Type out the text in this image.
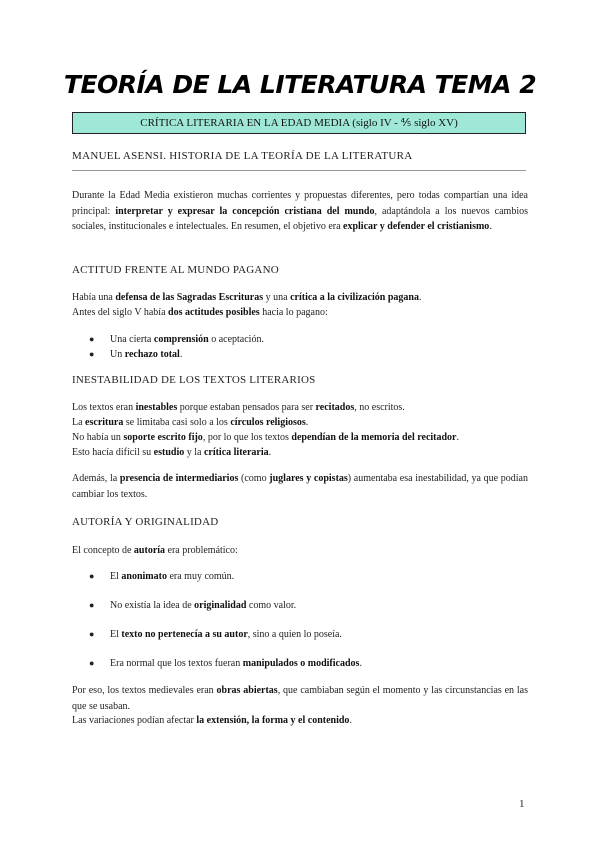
TEORÍA DE LA LITERATURA TEMA 2
CRÍTICA LITERARIA EN LA EDAD MEDIA (siglo IV - ⅘ siglo XV)
MANUEL ASENSI. HISTORIA DE LA TEORÍA DE LA LITERATURA

Durante la Edad Media existieron muchas corrientes y propuestas diferentes, pero todas compartían una idea principal: interpretar y expresar la concepción cristiana del mundo, adaptándola a los nuevos cambios sociales, institucionales e intelectuales. En resumen, el objetivo era explicar y defender el cristianismo.

ACTITUD FRENTE AL MUNDO PAGANO
Había una defensa de las Sagradas Escrituras y una crítica a la civilización pagana.
Antes del siglo V había dos actitudes posibles hacia lo pagano:
● Una cierta comprensión o aceptación.
● Un rechazo total.
INESTABILIDAD DE LOS TEXTOS LITERARIOS
Los textos eran inestables porque estaban pensados para ser recitados, no escritos.
La escritura se limitaba casi solo a los círculos religiosos.
No había un soporte escrito fijo, por lo que los textos dependían de la memoria del recitador.
Esto hacía difícil su estudio y la crítica literaria.
Además, la presencia de intermediarios (como juglares y copistas) aumentaba esa inestabilidad, ya que podían cambiar los textos.
AUTORÍA Y ORIGINALIDAD
El concepto de autoría era problemático:
● El anonimato era muy común.
● No existía la idea de originalidad como valor.
● El texto no pertenecía a su autor, sino a quien lo poseía.
● Era normal que los textos fueran manipulados o modificados.
Por eso, los textos medievales eran obras abiertas, que cambiaban según el momento y las circunstancias en las que se usaban.
Las variaciones podían afectar la extensión, la forma y el contenido.
1
